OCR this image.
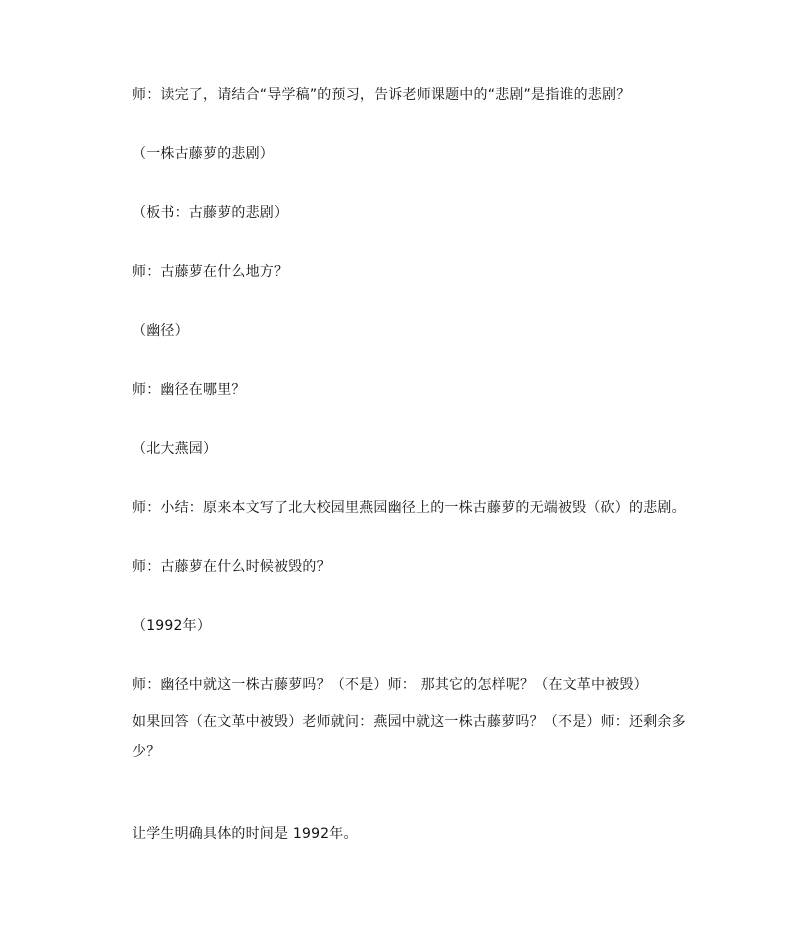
师：读完了，请结合“导学稿”的预习，告诉老师课题中的“悲剧”是指谁的悲剧？
（一株古藤萝的悲剧）
（板书：古藤萝的悲剧）
师：古藤萝在什么地方？
（幽径）
师：幽径在哪里？
（北大燕园）
师：小结：原来本文写了北大校园里燕园幽径上的一株古藤萝的无端被毁（砍）的悲剧。
师：古藤萝在什么时候被毁的？
（1992年）
师：幽径中就这一株古藤萝吗？（不是）师： 那其它的怎样呢？（在文革中被毁）
如果回答（在文革中被毁）老师就问：燕园中就这一株古藤萝吗？（不是）师：还剩余多少？
让学生明确具体的时间是 1992年。
